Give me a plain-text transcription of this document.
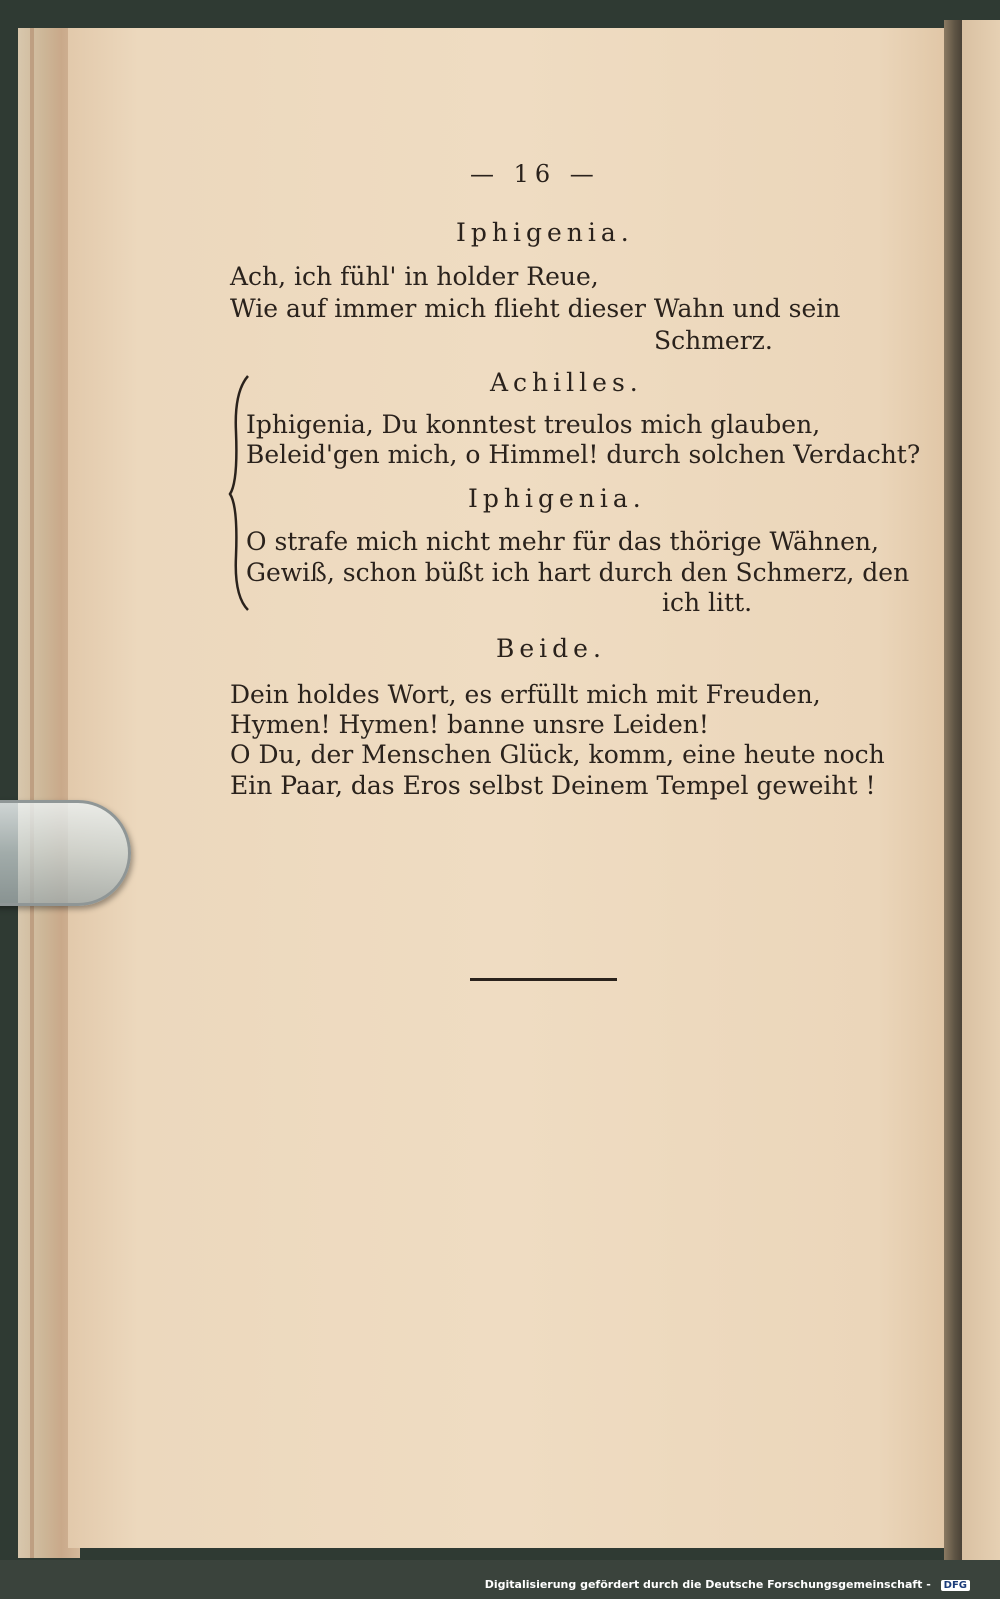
— 16 —
Iphigenia.
Ach, ich fühl' in holder Reue,
Wie auf immer mich flieht dieser Wahn und sein
Schmerz.
Achilles.
Iphigenia, Du konntest treulos mich glauben,
Beleid'gen mich, o Himmel! durch solchen Verdacht?
Iphigenia.
O strafe mich nicht mehr für das thörige Wähnen,
Gewiß, schon büßt ich hart durch den Schmerz, den
ich litt.
Beide.
Dein holdes Wort, es erfüllt mich mit Freuden,
Hymen! Hymen! banne unsre Leiden!
O Du, der Menschen Glück, komm, eine heute noch
Ein Paar, das Eros selbst Deinem Tempel geweiht !
Digitalisierung gefördert durch die Deutsche Forschungsgemeinschaft - DFG
